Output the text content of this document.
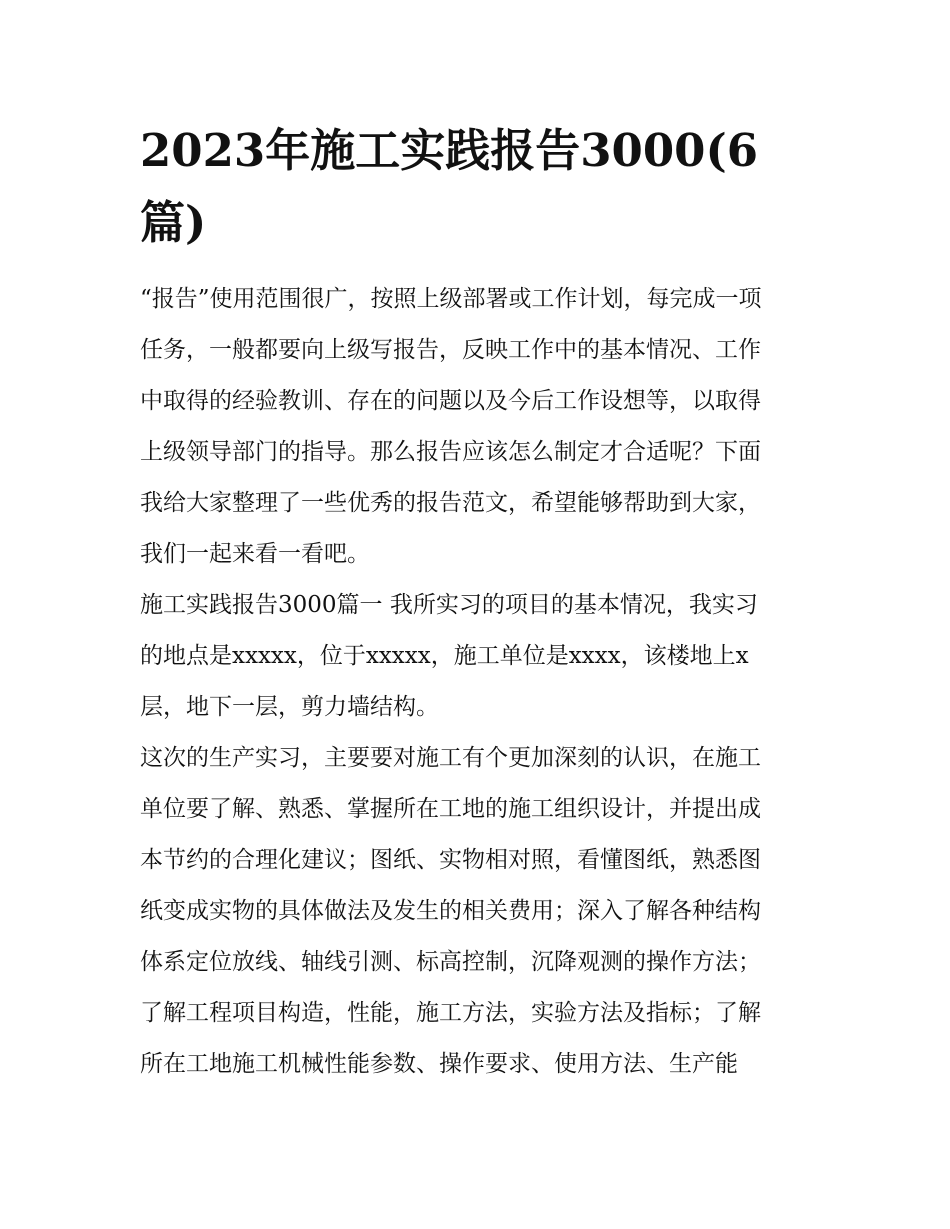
2023年施工实践报告3000(6
篇)

“报告”使用范围很广，按照上级部署或工作计划，每完成一项
任务，一般都要向上级写报告，反映工作中的基本情况、工作
中取得的经验教训、存在的问题以及今后工作设想等，以取得
上级领导部门的指导。那么报告应该怎么制定才合适呢？下面
我给大家整理了一些优秀的报告范文，希望能够帮助到大家，
我们一起来看一看吧。

施工实践报告3000篇一 我所实习的项目的基本情况，我实习
的地点是xxxxx，位于xxxxx，施工单位是xxxx，该楼地上x
层，地下一层，剪力墙结构。

这次的生产实习，主要要对施工有个更加深刻的认识，在施工
单位要了解、熟悉、掌握所在工地的施工组织设计，并提出成
本节约的合理化建议；图纸、实物相对照，看懂图纸，熟悉图
纸变成实物的具体做法及发生的相关费用；深入了解各种结构
体系定位放线、轴线引测、标高控制，沉降观测的操作方法；
了解工程项目构造，性能，施工方法，实验方法及指标；了解
所在工地施工机械性能参数、操作要求、使用方法、生产能
